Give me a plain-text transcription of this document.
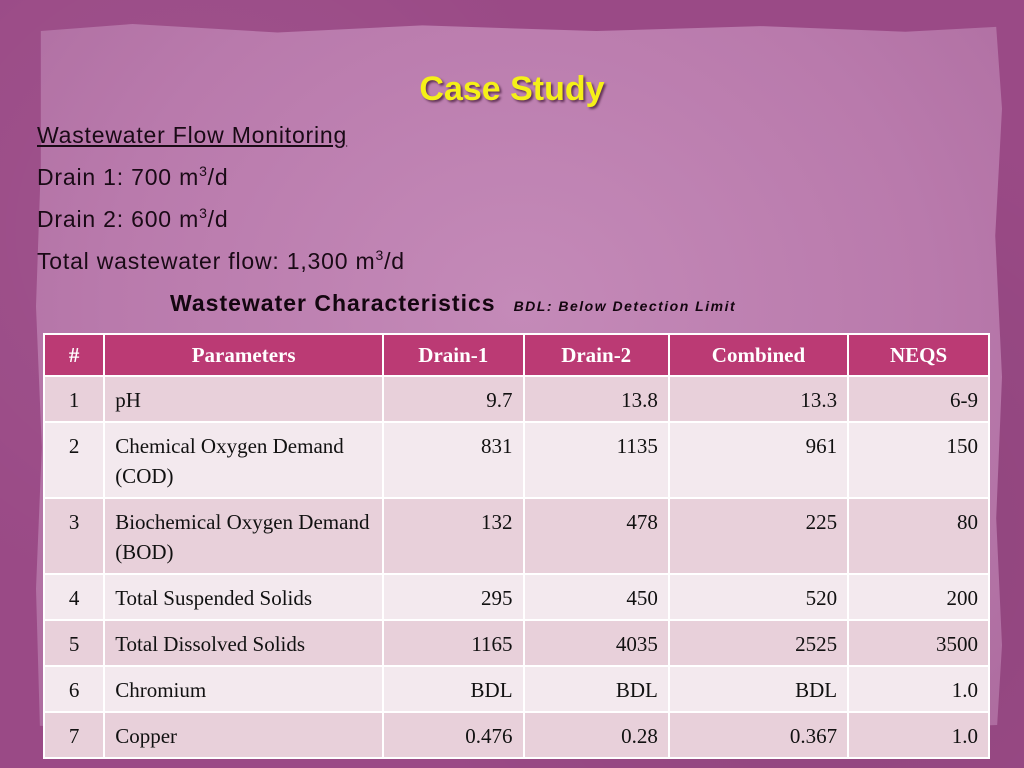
Case Study
Wastewater Flow Monitoring
Drain 1: 700 $m^3/d$
Drain 2: 600 $m^3/d$
Total wastewater flow: 1,300 $m^3/d$
Wastewater Characteristics BDL: Below Detection Limit
#	Parameters	Drain-1	Drain-2	Combined	NEQS
1	pH	9.7	13.8	13.3	6-9
2	Chemical Oxygen Demand (COD)	831	1135	961	150
3	Biochemical Oxygen Demand (BOD)	132	478	225	80
4	Total Suspended Solids	295	450	520	200
5	Total Dissolved Solids	1165	4035	2525	3500
6	Chromium	BDL	BDL	BDL	1.0
7	Copper	0.476	0.28	0.367	1.0
